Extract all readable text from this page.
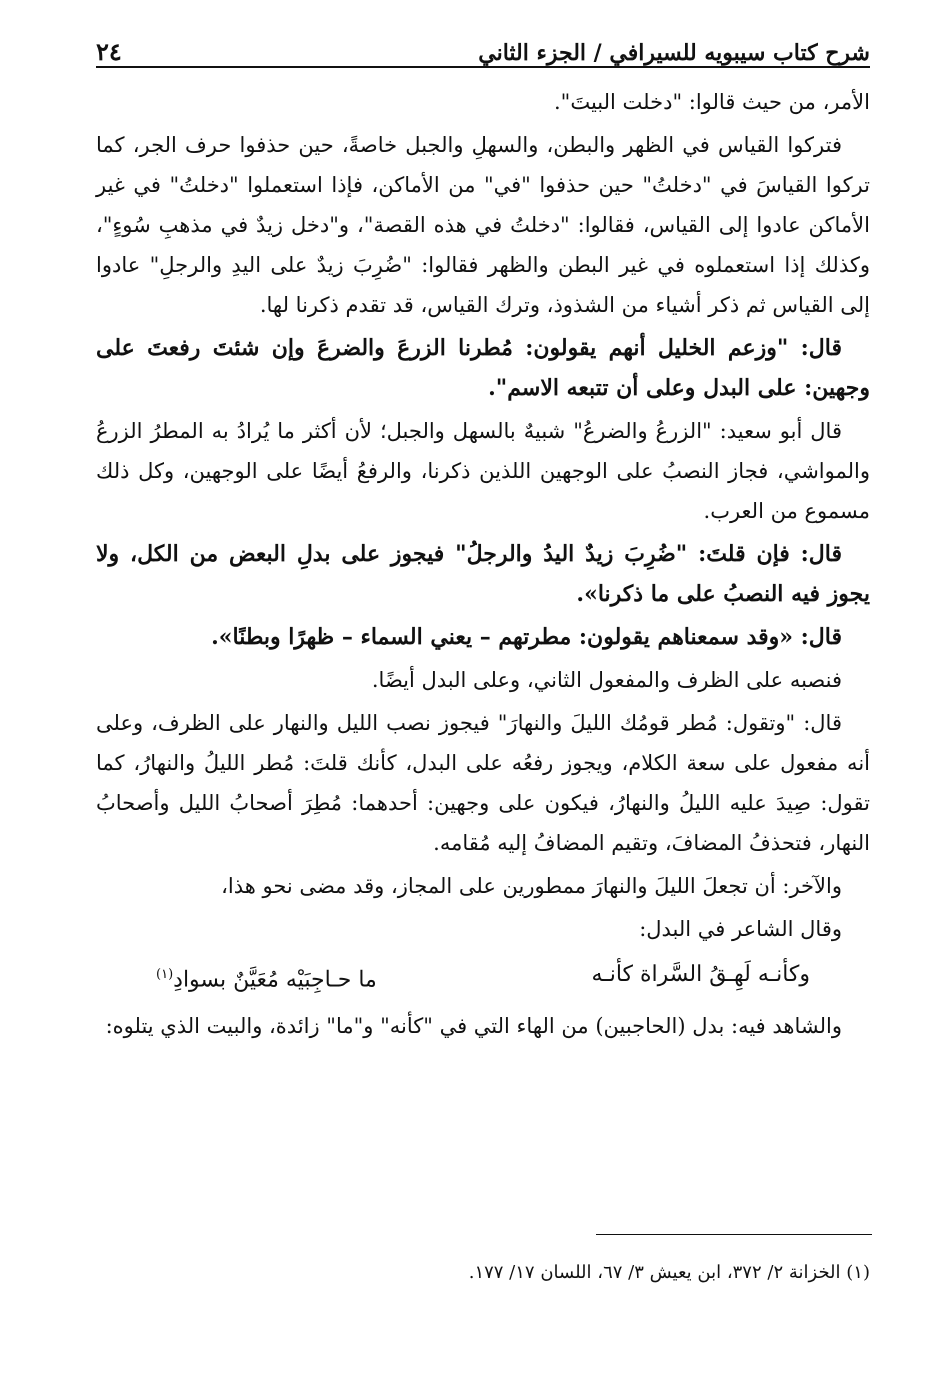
شرح كتاب سيبويه للسيرافي / الجزء الثاني
٢٤

الأمر، من حيث قالوا: "دخلت البيتَ".

فتركوا القياس في الظهر والبطن، والسهلِ والجبل خاصةً، حين حذفوا حرف الجر، كما تركوا القياسَ في "دخلتُ" حين حذفوا "في" من الأماكن، فإذا استعملوا "دخلتُ" في غير الأماكن عادوا إلى القياس، فقالوا: "دخلتُ في هذه القصة"، و"دخل زيدٌ في مذهبِ سُوءٍ"، وكذلك إذا استعملوه في غير البطن والظهر فقالوا: "ضُرِبَ زيدٌ على اليدِ والرجلِ" عادوا إلى القياس ثم ذكر أشياء من الشذوذ، وترك القياس، قد تقدم ذكرنا لها.

قال: "وزعم الخليل أنهم يقولون: مُطرنا الزرعَ والضرعَ وإن شئتَ رفعتَ على وجهين: على البدل وعلى أن تتبعه الاسم".

قال أبو سعيد: "الزرعُ والضرعُ" شبيهٌ بالسهل والجبل؛ لأن أكثر ما يُرادُ به المطرُ الزرعُ والمواشي، فجاز النصبُ على الوجهين اللذين ذكرنا، والرفعُ أيضًا على الوجهين، وكل ذلك مسموع من العرب.

قال: فإن قلتَ: "ضُرِبَ زيدٌ اليدُ والرجلُ" فيجوز على بدلِ البعض من الكل، ولا يجوز فيه النصبُ على ما ذكرنا».

قال: «وقد سمعناهم يقولون: مطرتهم – يعني السماء – ظهرًا وبطنًا».

فنصبه على الظرف والمفعول الثاني، وعلى البدل أيضًا.

قال: "وتقول: مُطر قومُك الليلَ والنهارَ" فيجوز نصب الليل والنهار على الظرف، وعلى أنه مفعول على سعة الكلام، ويجوز رفعُه على البدل، كأنك قلتَ: مُطر الليلُ والنهارُ، كما تقول: صِيدَ عليه الليلُ والنهارُ، فيكون على وجهين: أحدهما: مُطِرَ أصحابُ الليل وأصحابُ النهار، فتحذفُ المضافَ، وتقيم المضافُ إليه مُقامه.

والآخر: أن تجعلَ الليلَ والنهارَ ممطورين على المجاز، وقد مضى نحو هذا،

وقال الشاعر في البدل:

وكأنـه لَهِـقُ السَّراة كأنـه
ما حـاجِبَيْه مُعَيَّنٌ بسوادِ$^{(١)}$

والشاهد فيه: بدل (الحاجبين) من الهاء التي في "كأنه" و"ما" زائدة، والبيت الذي يتلوه:

(١) الخزانة ٢/ ٣٧٢، ابن يعيش ٣/ ٦٧، اللسان ١٧/ ١٧٧.
